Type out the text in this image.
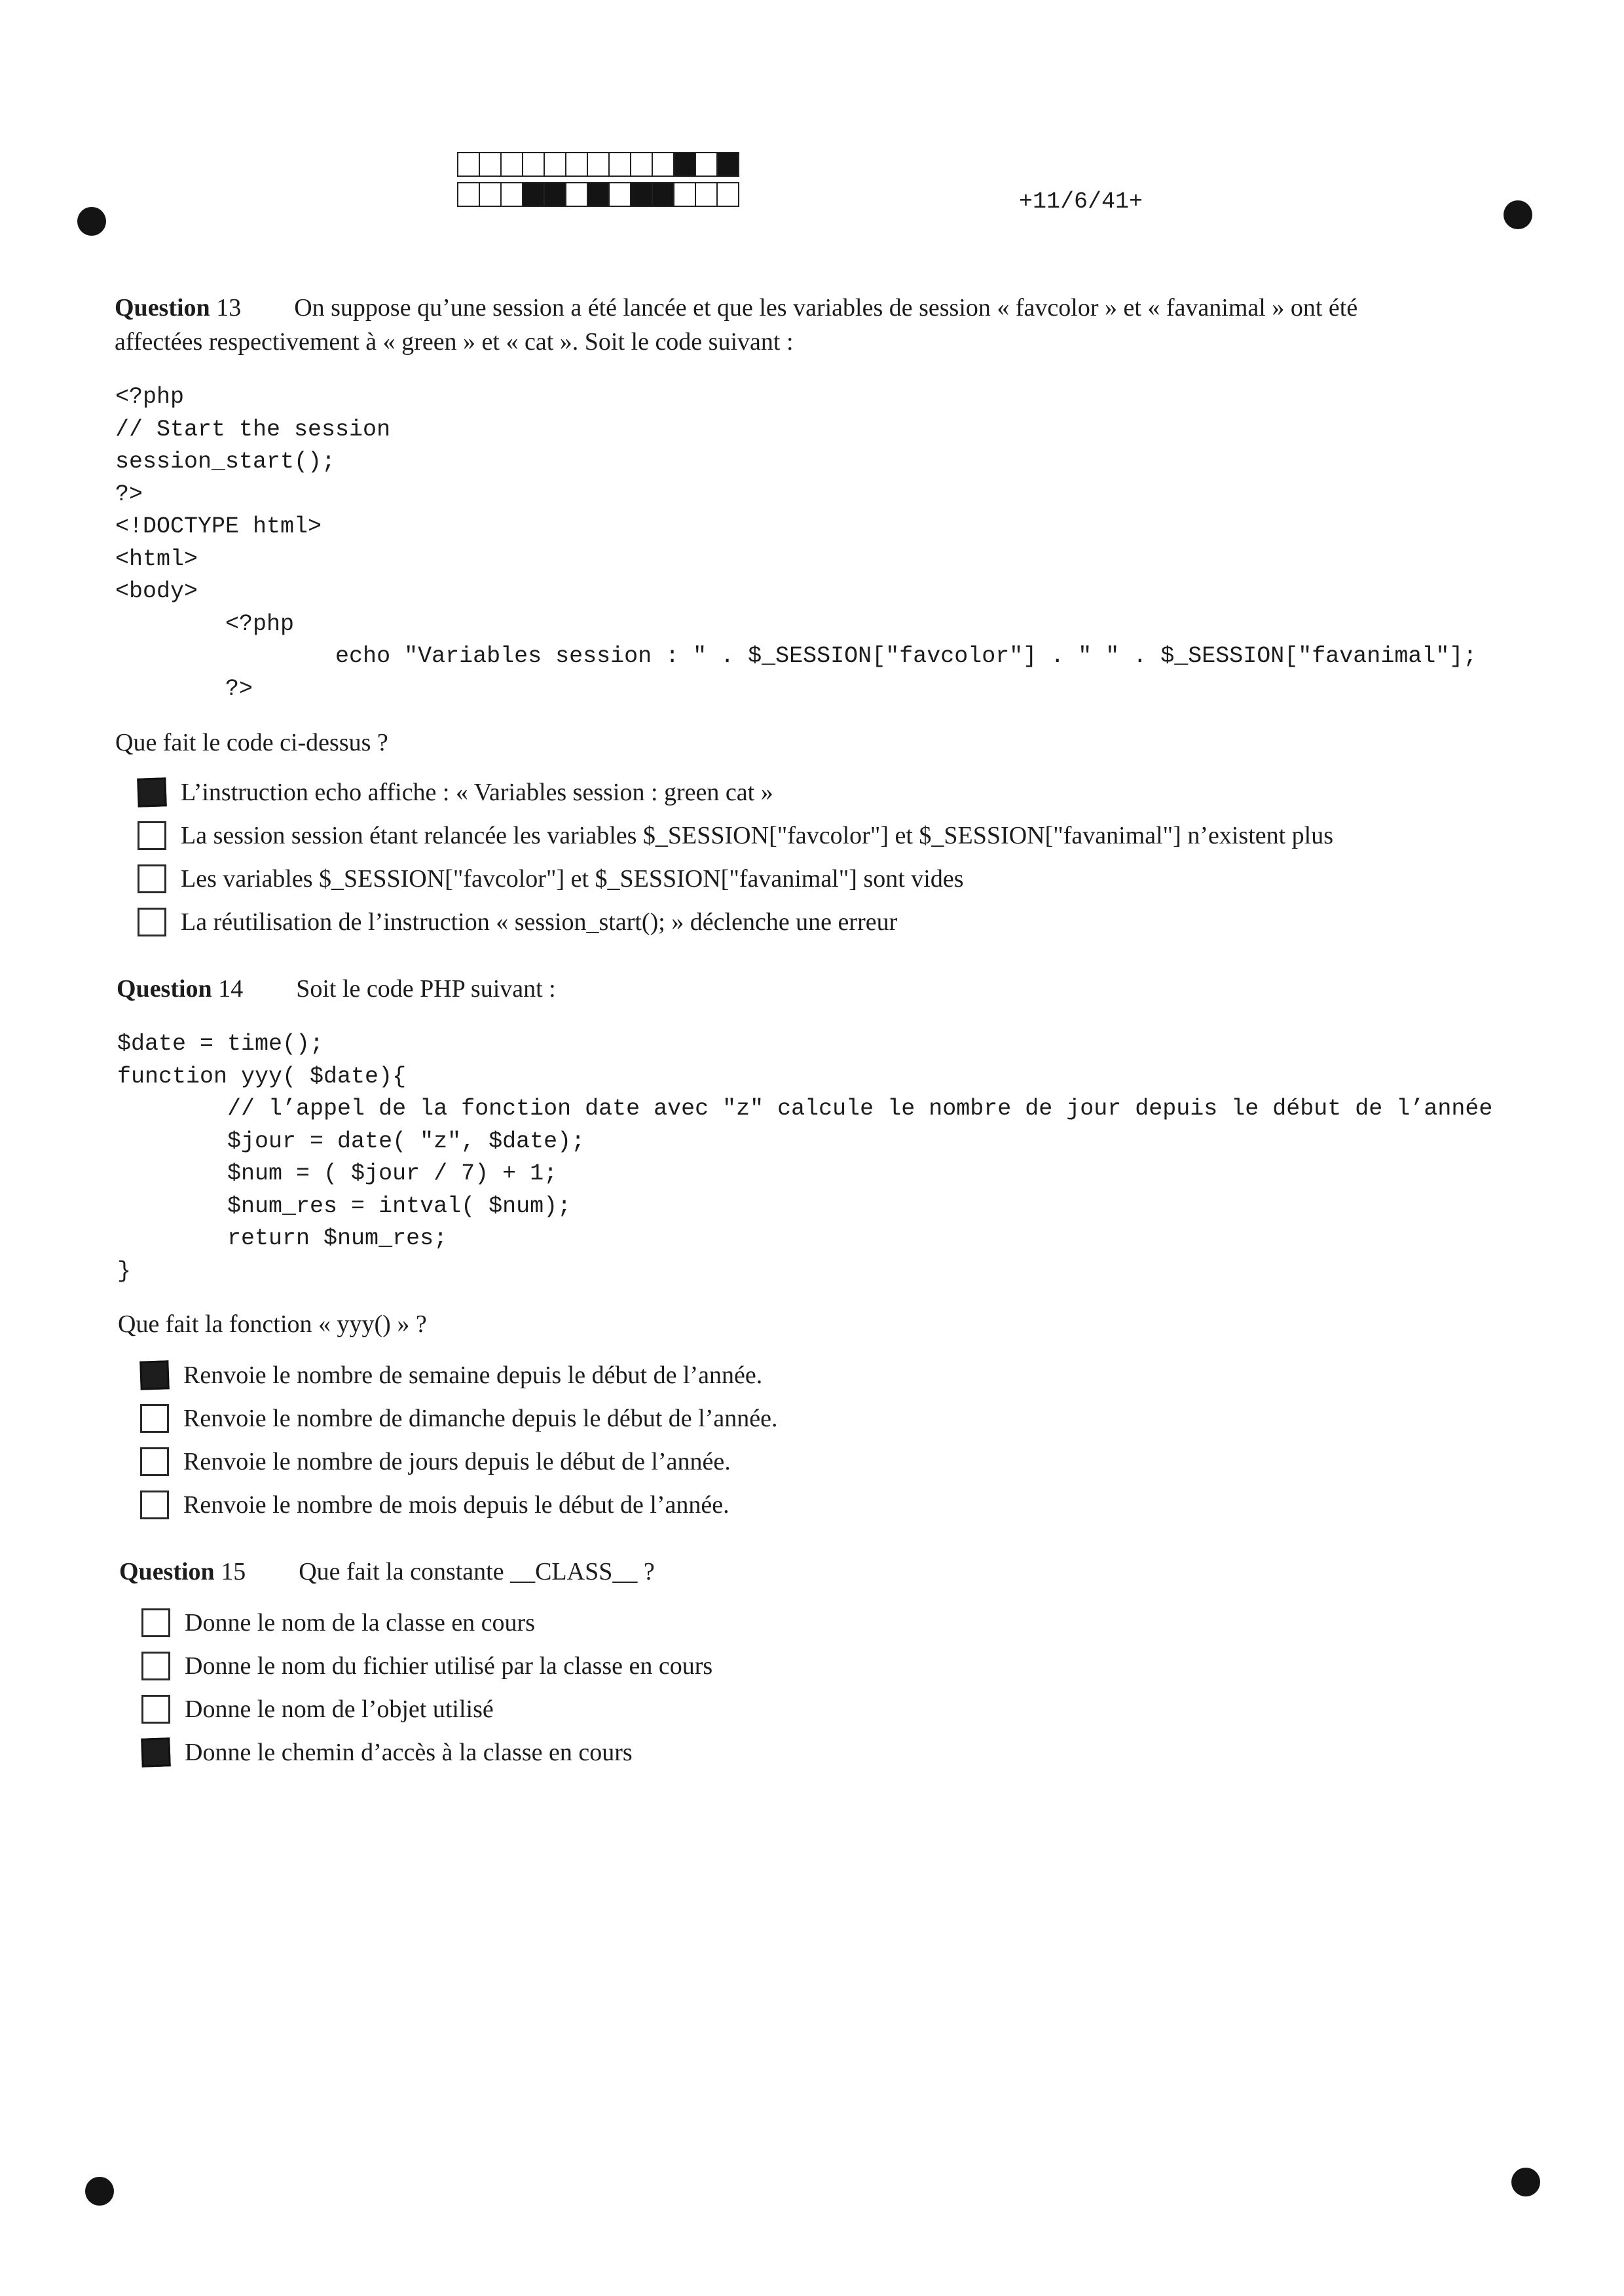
+11/6/41+
Question 13 On suppose qu’une session a été lancée et que les variables de session « favcolor » et « favanimal » ont été
affectées respectivement à « green » et « cat ». Soit le code suivant :
<?php
// Start the session
session_start();
?>
<!DOCTYPE html>
<html>
<body>
<?php
echo "Variables session : " . $_SESSION["favcolor"] . " " . $_SESSION["favanimal"];
?>
Que fait le code ci-dessus ?
L’instruction echo affiche : « Variables session : green cat »
La session session étant relancée les variables $_SESSION["favcolor"] et $_SESSION["favanimal"] n’existent plus
Les variables $_SESSION["favcolor"] et $_SESSION["favanimal"] sont vides
La réutilisation de l’instruction « session_start(); » déclenche une erreur
Question 14 Soit le code PHP suivant :
$date = time();
function yyy( $date){
// l’appel de la fonction date avec "z" calcule le nombre de jour depuis le début de l’année
$jour = date( "z", $date);
$num = ( $jour / 7) + 1;
$num_res = intval( $num);
return $num_res;
}
Que fait la fonction « yyy() » ?
Renvoie le nombre de semaine depuis le début de l’année.
Renvoie le nombre de dimanche depuis le début de l’année.
Renvoie le nombre de jours depuis le début de l’année.
Renvoie le nombre de mois depuis le début de l’année.
Question 15 Que fait la constante __CLASS__ ?
Donne le nom de la classe en cours
Donne le nom du fichier utilisé par la classe en cours
Donne le nom de l’objet utilisé
Donne le chemin d’accès à la classe en cours
